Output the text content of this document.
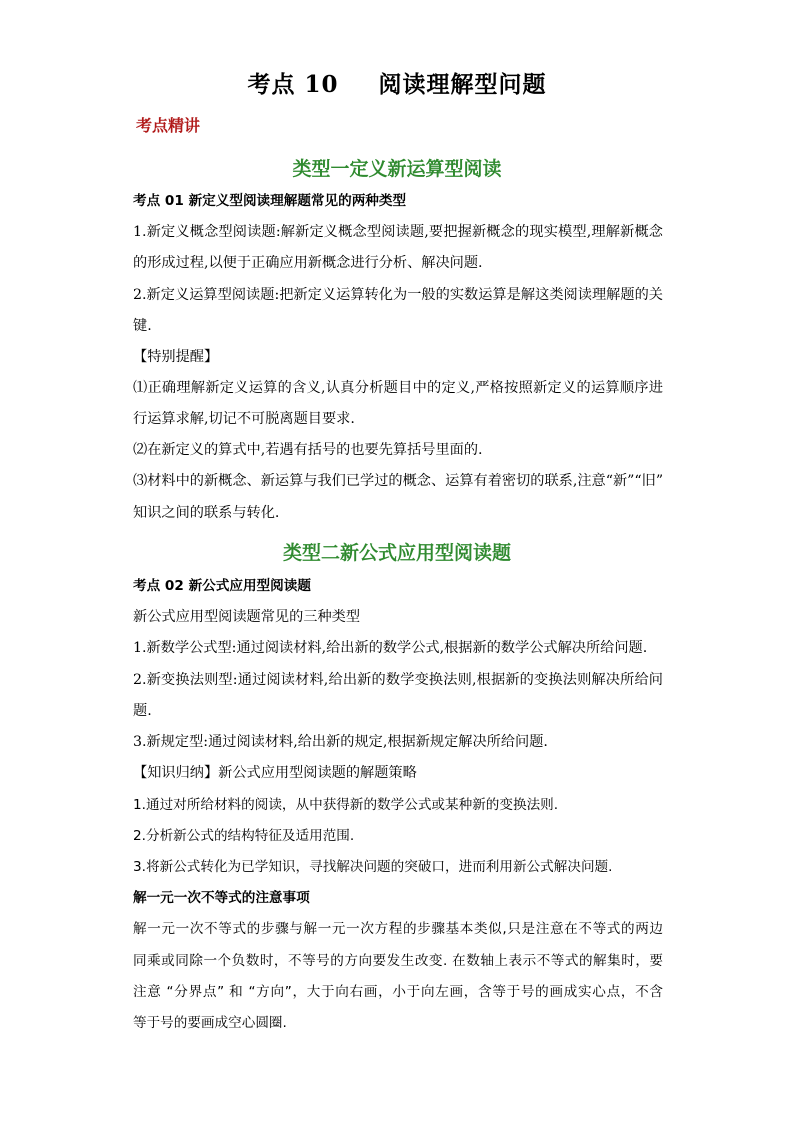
考点 10 阅读理解型问题
考点精讲
类型一定义新运算型阅读
考点 01 新定义型阅读理解题常见的两种类型
1.新定义概念型阅读题:解新定义概念型阅读题,要把握新概念的现实模型,理解新概念
的形成过程,以便于正确应用新概念进行分析、解决问题.
2.新定义运算型阅读题:把新定义运算转化为一般的实数运算是解这类阅读理解题的关
键.
【特别提醒】
⑴正确理解新定义运算的含义,认真分析题目中的定义,严格按照新定义的运算顺序进
行运算求解,切记不可脱离题目要求.
⑵在新定义的算式中,若遇有括号的也要先算括号里面的.
⑶材料中的新概念、新运算与我们已学过的概念、运算有着密切的联系,注意“新”“旧”
知识之间的联系与转化.
类型二新公式应用型阅读题
考点 02 新公式应用型阅读题
新公式应用型阅读题常见的三种类型
1.新数学公式型:通过阅读材料,给出新的数学公式,根据新的数学公式解决所给问题.
2.新变换法则型:通过阅读材料,给出新的数学变换法则,根据新的变换法则解决所给问
题.
3.新规定型:通过阅读材料,给出新的规定,根据新规定解决所给问题.
【知识归纳】新公式应用型阅读题的解题策略
1.通过对所给材料的阅读，从中获得新的数学公式或某种新的变换法则.
2.分析新公式的结构特征及适用范围.
3.将新公式转化为已学知识，寻找解决问题的突破口，进而利用新公式解决问题.
解一元一次不等式的注意事项
解一元一次不等式的步骤与解一元一次方程的步骤基本类似,只是注意在不等式的两边
同乘或同除一个负数时，不等号的方向要发生改变. 在数轴上表示不等式的解集时，要
注意 “分界点” 和 “方向”，大于向右画，小于向左画，含等于号的画成实心点，不含
等于号的要画成空心圆圈.
